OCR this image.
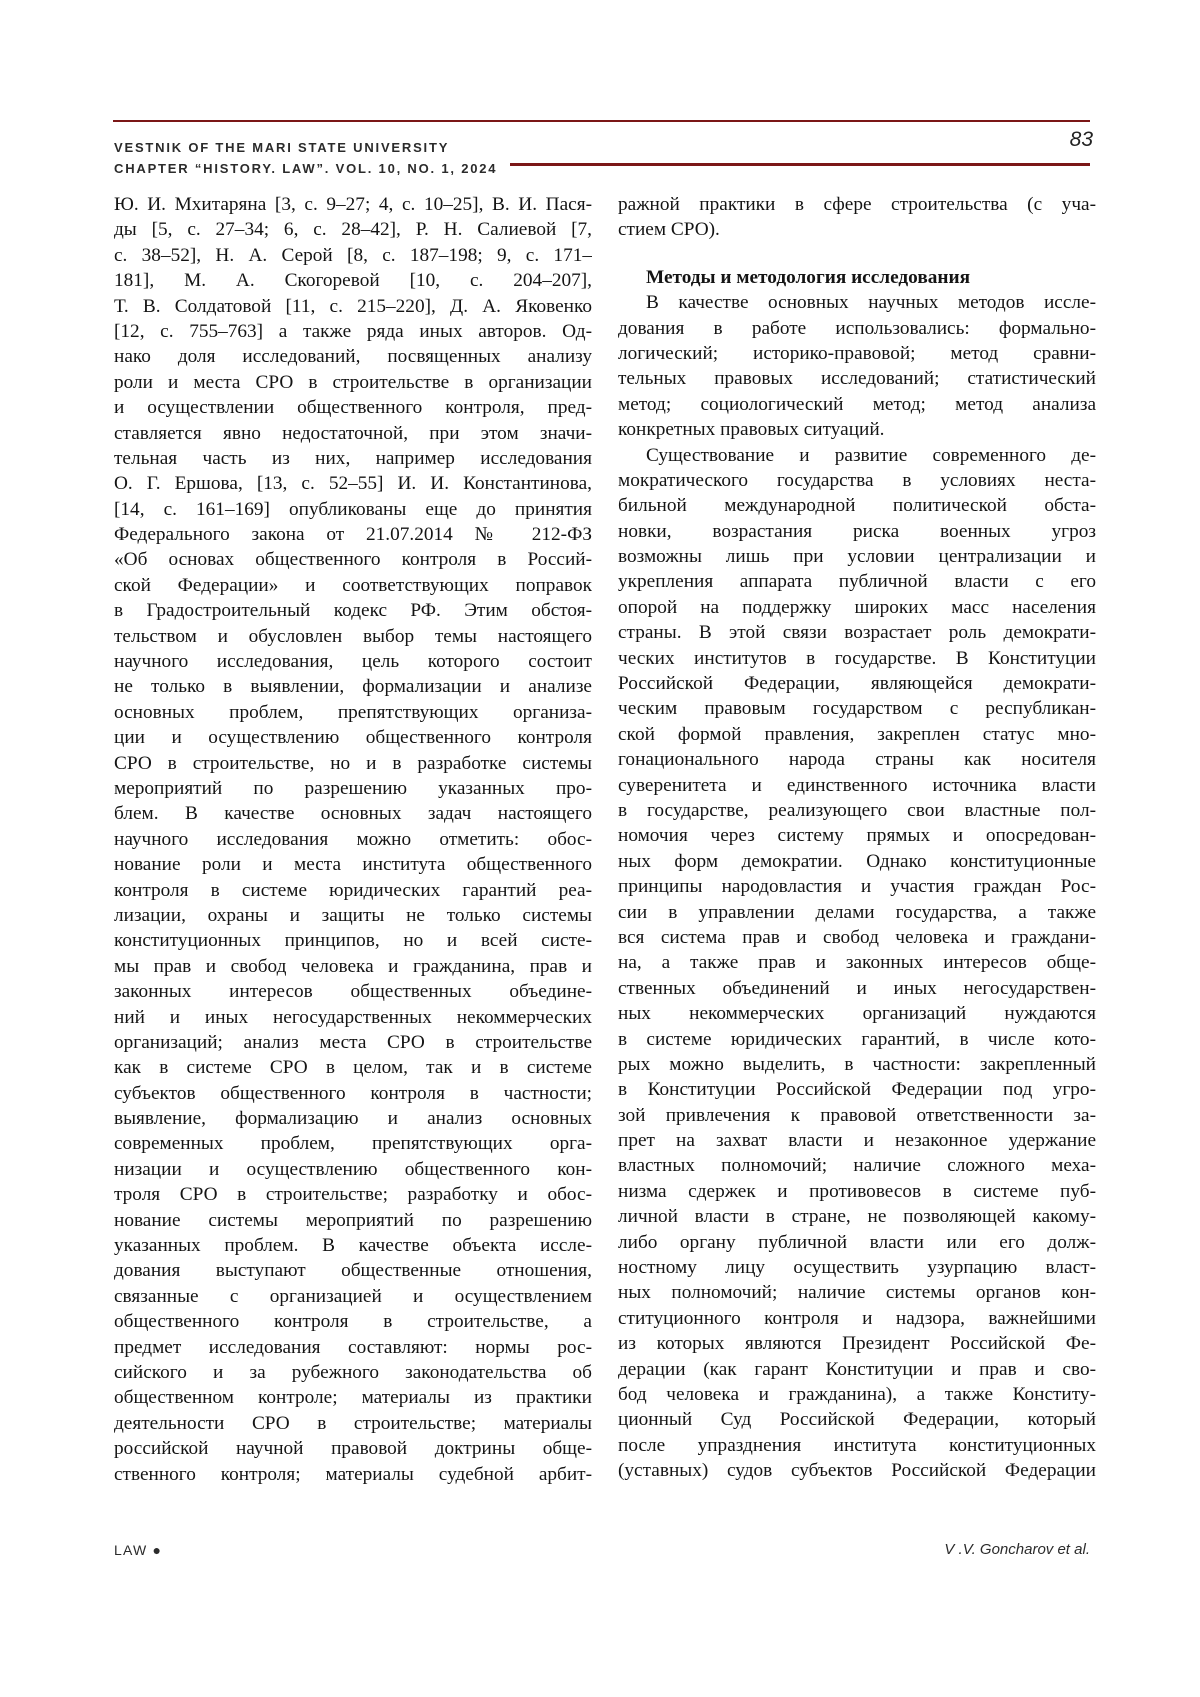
VESTNIK OF THE MARI STATE UNIVERSITY
CHAPTER “HISTORY. LAW”. VOL. 10, NO. 1, 2024
83
Ю. И. Мхитаряна [3, с. 9–27; 4, с. 10–25], В. И. Пася-
ды [5, с. 27–34; 6, с. 28–42], Р. Н. Салиевой [7,
с. 38–52], Н. А. Серой [8, с. 187–198; 9, с. 171–
181], М. А. Скогоревой [10, с. 204–207],
Т. В. Солдатовой [11, с. 215–220], Д. А. Яковенко
[12, с. 755–763] а также ряда иных авторов. Од-
нако доля исследований, посвященных анализу
роли и места СРО в строительстве в организации
и осуществлении общественного контроля, пред-
ставляется явно недостаточной, при этом значи-
тельная часть из них, например исследования
О. Г. Ершова, [13, с. 52–55] И. И. Константинова,
[14, с. 161–169] опубликованы еще до принятия
Федерального закона от 21.07.2014 № 212-ФЗ
«Об основах общественного контроля в Россий-
ской Федерации» и соответствующих поправок
в Градостроительный кодекс РФ. Этим обстоя-
тельством и обусловлен выбор темы настоящего
научного исследования, цель которого состоит
не только в выявлении, формализации и анализе
основных проблем, препятствующих организа-
ции и осуществлению общественного контроля
СРО в строительстве, но и в разработке системы
мероприятий по разрешению указанных про-
блем. В качестве основных задач настоящего
научного исследования можно отметить: обос-
нование роли и места института общественного
контроля в системе юридических гарантий реа-
лизации, охраны и защиты не только системы
конституционных принципов, но и всей систе-
мы прав и свобод человека и гражданина, прав и
законных интересов общественных объедине-
ний и иных негосударственных некоммерческих
организаций; анализ места СРО в строительстве
как в системе СРО в целом, так и в системе
субъектов общественного контроля в частности;
выявление, формализацию и анализ основных
современных проблем, препятствующих орга-
низации и осуществлению общественного кон-
троля СРО в строительстве; разработку и обос-
нование системы мероприятий по разрешению
указанных проблем. В качестве объекта иссле-
дования выступают общественные отношения,
связанные с организацией и осуществлением
общественного контроля в строительстве, а
предмет исследования составляют: нормы рос-
сийского и за рубежного законодательства об
общественном контроле; материалы из практики
деятельности СРО в строительстве; материалы
российской научной правовой доктрины обще-
ственного контроля; материалы судебной арбит-
ражной практики в сфере строительства (с уча-
стием СРО).
Методы и методология исследования
В качестве основных научных методов иссле-
дования в работе использовались: формально-
логический; историко-правовой; метод сравни-
тельных правовых исследований; статистический
метод; социологический метод; метод анализа
конкретных правовых ситуаций.
Существование и развитие современного де-
мократического государства в условиях неста-
бильной международной политической обста-
новки, возрастания риска военных угроз
возможны лишь при условии централизации и
укрепления аппарата публичной власти с его
опорой на поддержку широких масс населения
страны. В этой связи возрастает роль демократи-
ческих институтов в государстве. В Конституции
Российской Федерации, являющейся демократи-
ческим правовым государством с республикан-
ской формой правления, закреплен статус мно-
гонационального народа страны как носителя
суверенитета и единственного источника власти
в государстве, реализующего свои властные пол-
номочия через систему прямых и опосредован-
ных форм демократии. Однако конституционные
принципы народовластия и участия граждан Рос-
сии в управлении делами государства, а также
вся система прав и свобод человека и граждани-
на, а также прав и законных интересов обще-
ственных объединений и иных негосударствен-
ных некоммерческих организаций нуждаются
в системе юридических гарантий, в числе кото-
рых можно выделить, в частности: закрепленный
в Конституции Российской Федерации под угро-
зой привлечения к правовой ответственности за-
прет на захват власти и незаконное удержание
властных полномочий; наличие сложного меха-
низма сдержек и противовесов в системе пуб-
личной власти в стране, не позволяющей какому-
либо органу публичной власти или его долж-
ностному лицу осуществить узурпацию власт-
ных полномочий; наличие системы органов кон-
ституционного контроля и надзора, важнейшими
из которых являются Президент Российской Фе-
дерации (как гарант Конституции и прав и сво-
бод человека и гражданина), а также Конститу-
ционный Суд Российской Федерации, который
после упразднения института конституционных
(уставных) судов субъектов Российской Федерации
LAW ●	V .V. Goncharov et al.
